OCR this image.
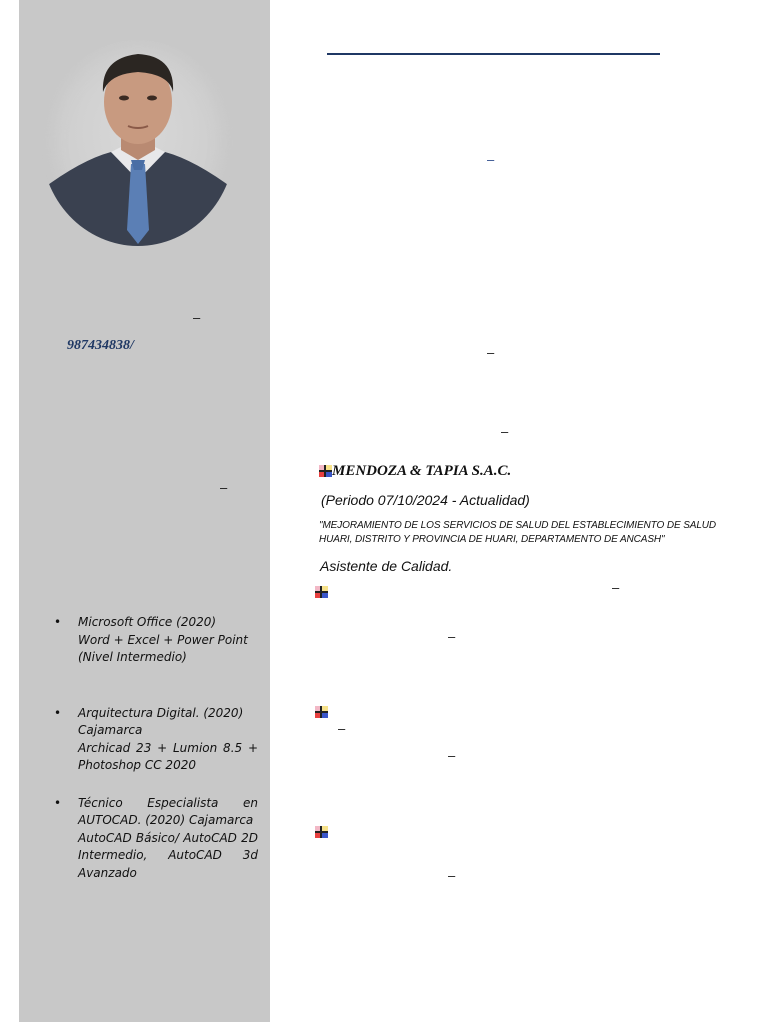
–
987434838/
–
• Microsoft Office (2020)
Word + Excel + Power Point
(Nivel Intermedio)
• Arquitectura Digital. (2020)
Cajamarca
Archicad 23 + Lumion 8.5 + Photoshop CC 2020
• Técnico Especialista en AUTOCAD. (2020) Cajamarca
AutoCAD Básico/ AutoCAD 2D Intermedio, AutoCAD 3d Avanzado
–
–
–
MENDOZA & TAPIA S.A.C.
(Periodo 07/10/2024 - Actualidad)
"MEJORAMIENTO DE LOS SERVICIOS DE SALUD DEL ESTABLECIMIENTO DE SALUD HUARI, DISTRITO Y PROVINCIA DE HUARI, DEPARTAMENTO DE ANCASH"
Asistente de Calidad.
–
–
–
–
–
